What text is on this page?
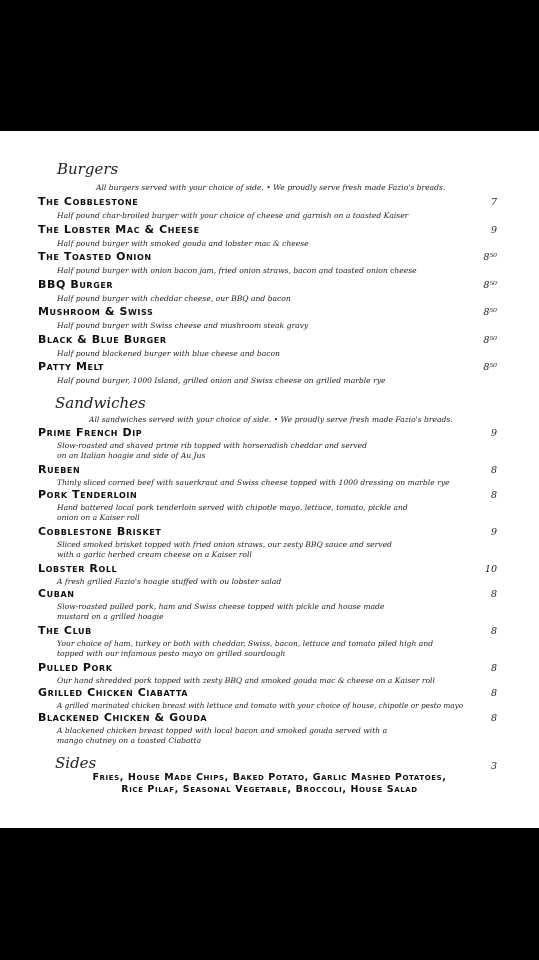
Burgers
All burgers served with your choice of side. • We proudly serve fresh made Fazio's breads.
The Cobblestone	7
Half pound char-broiled burger with your choice of cheese and garnish on a toasted Kaiser
The Lobster Mac & Cheese	9
Half pound burger with smoked gouda and lobster mac & cheese
The Toasted Onion	8⁵⁰
Half pound burger with onion bacon jam, fried onion straws, bacon and toasted onion cheese
BBQ Burger	8⁵⁰
Half pound burger with cheddar cheese, our BBQ and bacon
Mushroom & Swiss	8⁵⁰
Half pound burger with Swiss cheese and mushroom steak gravy
Black & Blue Burger	8⁵⁰
Half pound blackened burger with blue cheese and bacon
Patty Melt	8⁵⁰
Half pound burger, 1000 Island, grilled onion and Swiss cheese on grilled marble rye
Sandwiches
All sandwiches served with your choice of side. • We proudly serve fresh made Fazio's breads.
Prime French Dip	9
Slow-roasted and shaved prime rib topped with horseradish cheddar and served
on an Italian hoagie and side of Au Jus
Rueben	8
Thinly sliced corned beef with sauerkraut and Swiss cheese topped with 1000 dressing on marble rye
Pork Tenderloin	8
Hand battered local pork tenderloin served with chipotle mayo, lettuce, tomato, pickle and
onion on a Kaiser roll
Cobblestone Brisket	9
Sliced smoked brisket topped with fried onion straws, our zesty BBQ sauce and served
with a garlic herbed cream cheese on a Kaiser roll
Lobster Roll	10
A fresh grilled Fazio's hoagie stuffed with ou lobster salad
Cuban	8
Slow-roasted pulled pork, ham and Swiss cheese topped with pickle and house made
mustard on a grilled hoagie
The Club	8
Your choice of ham, turkey or both with cheddar, Swiss, bacon, lettuce and tomato piled high and
topped with our infamous pesto mayo on grilled sourdough
Pulled Pork	8
Our hand shredded pork topped with zesty BBQ and smoked gouda mac & cheese on a Kaiser roll
Grilled Chicken Ciabatta	8
A grilled marinated chicken breast with lettuce and tomato with your choice of house, chipotle or pesto mayo
Blackened Chicken & Gouda	8
A blackened chicken breast topped with local bacon and smoked gouda served with a
mango chutney on a toasted Ciabatta
Sides	3
Fries, House Made Chips, Baked Potato, Garlic Mashed Potatoes,
Rice Pilaf, Seasonal Vegetable, Broccoli, House Salad
